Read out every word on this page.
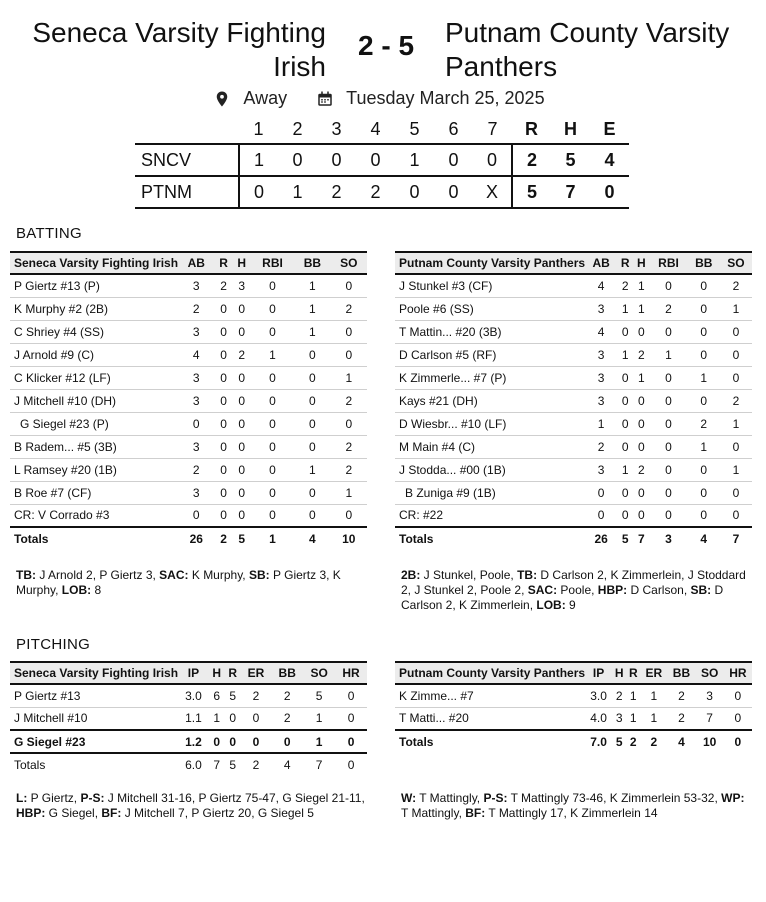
Seneca Varsity Fighting Irish
2 - 5	Putnam County Varsity Panthers
Away
	Tuesday March 25, 2025
	1	2	3	4	5	6	7	R	H	E
SNCV	1	0	0	0	1	0	0	2	5	4
PTNM	0	1	2	2	0	0	X	5	7	0
BATTING
Seneca Varsity Fighting Irish	AB	R	H	RBI	BB	SO
P Giertz #13 (P)	3	2	3	0	1	0
K Murphy #2 (2B)	2	0	0	0	1	2
C Shriey #4 (SS)	3	0	0	0	1	0
J Arnold #9 (C)	4	0	2	1	0	0
C Klicker #12 (LF)	3	0	0	0	0	1
J Mitchell #10 (DH)	3	0	0	0	0	2
G Siegel #23 (P)	0	0	0	0	0	0
B Radem... #5 (3B)	3	0	0	0	0	2
L Ramsey #20 (1B)	2	0	0	0	1	2
B Roe #7 (CF)	3	0	0	0	0	1
CR: V Corrado #3	0	0	0	0	0	0
Totals	26	2	5	1	4	10
Putnam County Varsity Panthers	AB	R	H	RBI	BB	SO
J Stunkel #3 (CF)	4	2	1	0	0	2
Poole #6 (SS)	3	1	1	2	0	1
T Mattin... #20 (3B)	4	0	0	0	0	0
D Carlson #5 (RF)	3	1	2	1	0	0
K Zimmerle... #7 (P)	3	0	1	0	1	0
Kays #21 (DH)	3	0	0	0	0	2
D Wiesbr... #10 (LF)	1	0	0	0	2	1
M Main #4 (C)	2	0	0	0	1	0
J Stodda... #00 (1B)	3	1	2	0	0	1
B Zuniga #9 (1B)	0	0	0	0	0	0
CR: #22	0	0	0	0	0	0
Totals	26	5	7	3	4	7
TB: J Arnold 2, P Giertz 3, SAC: K Murphy, SB: P Giertz 3, K Murphy, LOB: 8
2B: J Stunkel, Poole, TB: D Carlson 2, K Zimmerlein, J Stoddard 2, J Stunkel 2, Poole 2, SAC: Poole, HBP: D Carlson, SB: D Carlson 2, K Zimmerlein, LOB: 9
PITCHING
Seneca Varsity Fighting Irish	IP	H	R	ER	BB	SO	HR
P Giertz #13	3.0	6	5	2	2	5	0
J Mitchell #10	1.1	1	0	0	2	1	0
G Siegel #23	1.2	0	0	0	0	1	0
Totals	6.0	7	5	2	4	7	0
Putnam County Varsity Panthers	IP	H	R	ER	BB	SO	HR
K Zimme... #7	3.0	2	1	1	2	3	0
T Matti... #20	4.0	3	1	1	2	7	0
Totals	7.0	5	2	2	4	10	0
L: P Giertz, P-S: J Mitchell 31-16, P Giertz 75-47, G Siegel 21-11, HBP: G Siegel, BF: J Mitchell 7, P Giertz 20, G Siegel 5
W: T Mattingly, P-S: T Mattingly 73-46, K Zimmerlein 53-32, WP: T Mattingly, BF: T Mattingly 17, K Zimmerlein 14
